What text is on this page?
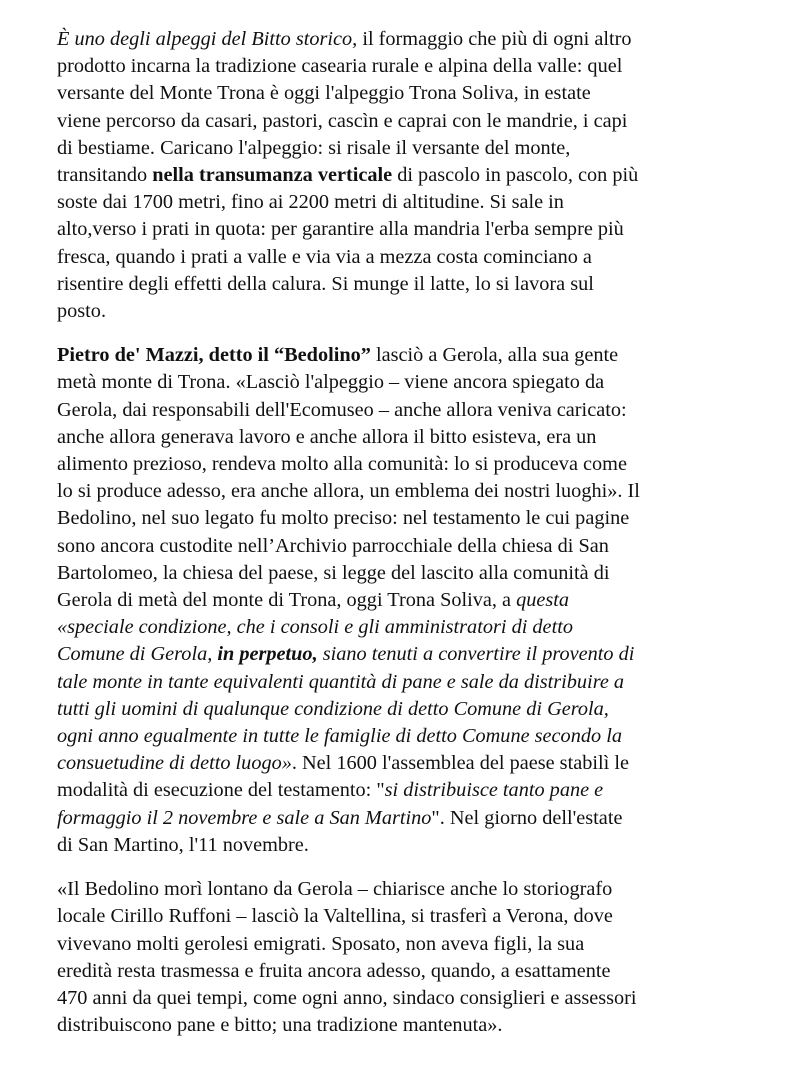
È uno degli alpeggi del Bitto storico, il formaggio che più di ogni altro
prodotto incarna la tradizione casearia rurale e alpina della valle: quel
versante del Monte Trona è oggi l'alpeggio Trona Soliva, in estate
viene percorso da casari, pastori, cascìn e caprai con le mandrie, i capi
di bestiame. Caricano l'alpeggio: si risale il versante del monte,
transitando nella transumanza verticale di pascolo in pascolo, con più
soste dai 1700 metri, fino ai 2200 metri di altitudine. Si sale in
alto,verso i prati in quota: per garantire alla mandria l'erba sempre più
fresca, quando i prati a valle e via via a mezza costa cominciano a
risentire degli effetti della calura. Si munge il latte, lo si lavora sul
posto.

Pietro de' Mazzi, detto il “Bedolino” lasciò a Gerola, alla sua gente
metà monte di Trona. «Lasciò l'alpeggio – viene ancora spiegato da
Gerola, dai responsabili dell'Ecomuseo – anche allora veniva caricato:
anche allora generava lavoro e anche allora il bitto esisteva, era un
alimento prezioso, rendeva molto alla comunità: lo si produceva come
lo si produce adesso, era anche allora, un emblema dei nostri luoghi». Il
Bedolino, nel suo legato fu molto preciso: nel testamento le cui pagine
sono ancora custodite nell’Archivio parrocchiale della chiesa di San
Bartolomeo, la chiesa del paese, si legge del lascito alla comunità di
Gerola di metà del monte di Trona, oggi Trona Soliva, a questa
«speciale condizione, che i consoli e gli amministratori di detto
Comune di Gerola, in perpetuo, siano tenuti a convertire il provento di
tale monte in tante equivalenti quantità di pane e sale da distribuire a
tutti gli uomini di qualunque condizione di detto Comune di Gerola,
ogni anno egualmente in tutte le famiglie di detto Comune secondo la
consuetudine di detto luogo». Nel 1600 l'assemblea del paese stabilì le
modalità di esecuzione del testamento: "si distribuisce tanto pane e
formaggio il 2 novembre e sale a San Martino". Nel giorno dell'estate
di San Martino, l'11 novembre.

«Il Bedolino morì lontano da Gerola – chiarisce anche lo storiografo
locale Cirillo Ruffoni – lasciò la Valtellina, si trasferì a Verona, dove
vivevano molti gerolesi emigrati. Sposato, non aveva figli, la sua
eredità resta trasmessa e fruita ancora adesso, quando, a esattamente
470 anni da quei tempi, come ogni anno, sindaco consiglieri e assessori
distribuiscono pane e bitto; una tradizione mantenuta».
